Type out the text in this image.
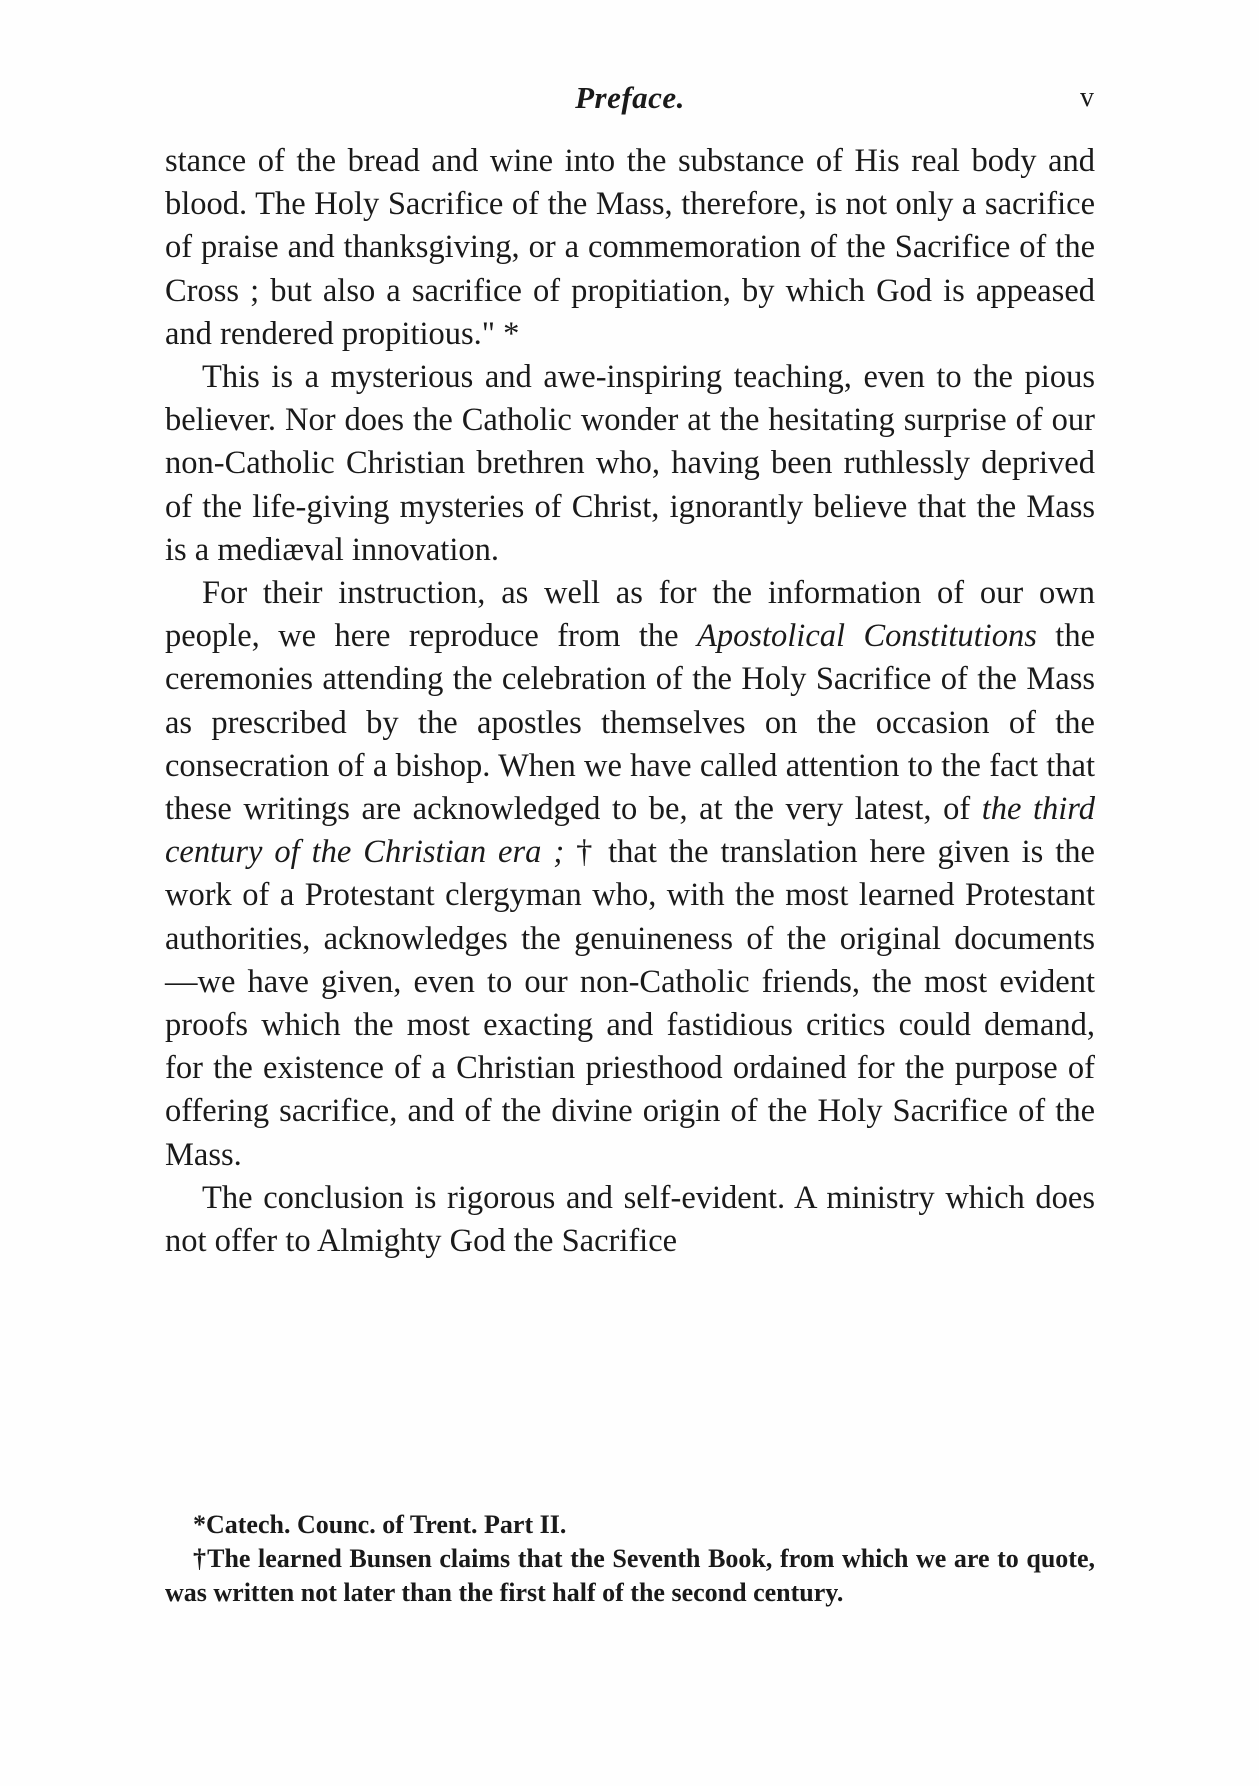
Preface.	v

stance of the bread and wine into the substance of His real body and blood. The Holy Sacrifice of the Mass, therefore, is not only a sacrifice of praise and thanksgiving, or a commemoration of the Sacrifice of the Cross ; but also a sacrifice of propitiation, by which God is appeased and rendered propitious." *

This is a mysterious and awe-inspiring teaching, even to the pious believer. Nor does the Catholic wonder at the hesitating surprise of our non-Catholic Christian brethren who, having been ruthlessly deprived of the life-giving mysteries of Christ, ignorantly believe that the Mass is a mediæval innovation.

For their instruction, as well as for the information of our own people, we here reproduce from the Apostolical Constitutions the ceremonies attending the celebration of the Holy Sacrifice of the Mass as prescribed by the apostles themselves on the occasion of the consecration of a bishop. When we have called attention to the fact that these writings are acknowledged to be, at the very latest, of the third century of the Christian era ; † that the translation here given is the work of a Protestant clergyman who, with the most learned Protestant authorities, acknowledges the genuineness of the original documents —we have given, even to our non-Catholic friends, the most evident proofs which the most exacting and fastidious critics could demand, for the existence of a Christian priesthood ordained for the purpose of offering sacrifice, and of the divine origin of the Holy Sacrifice of the Mass.

The conclusion is rigorous and self-evident. A ministry which does not offer to Almighty God the Sacrifice

*Catech. Counc. of Trent. Part II.

†The learned Bunsen claims that the Seventh Book, from which we are to quote, was written not later than the first half of the second century.
